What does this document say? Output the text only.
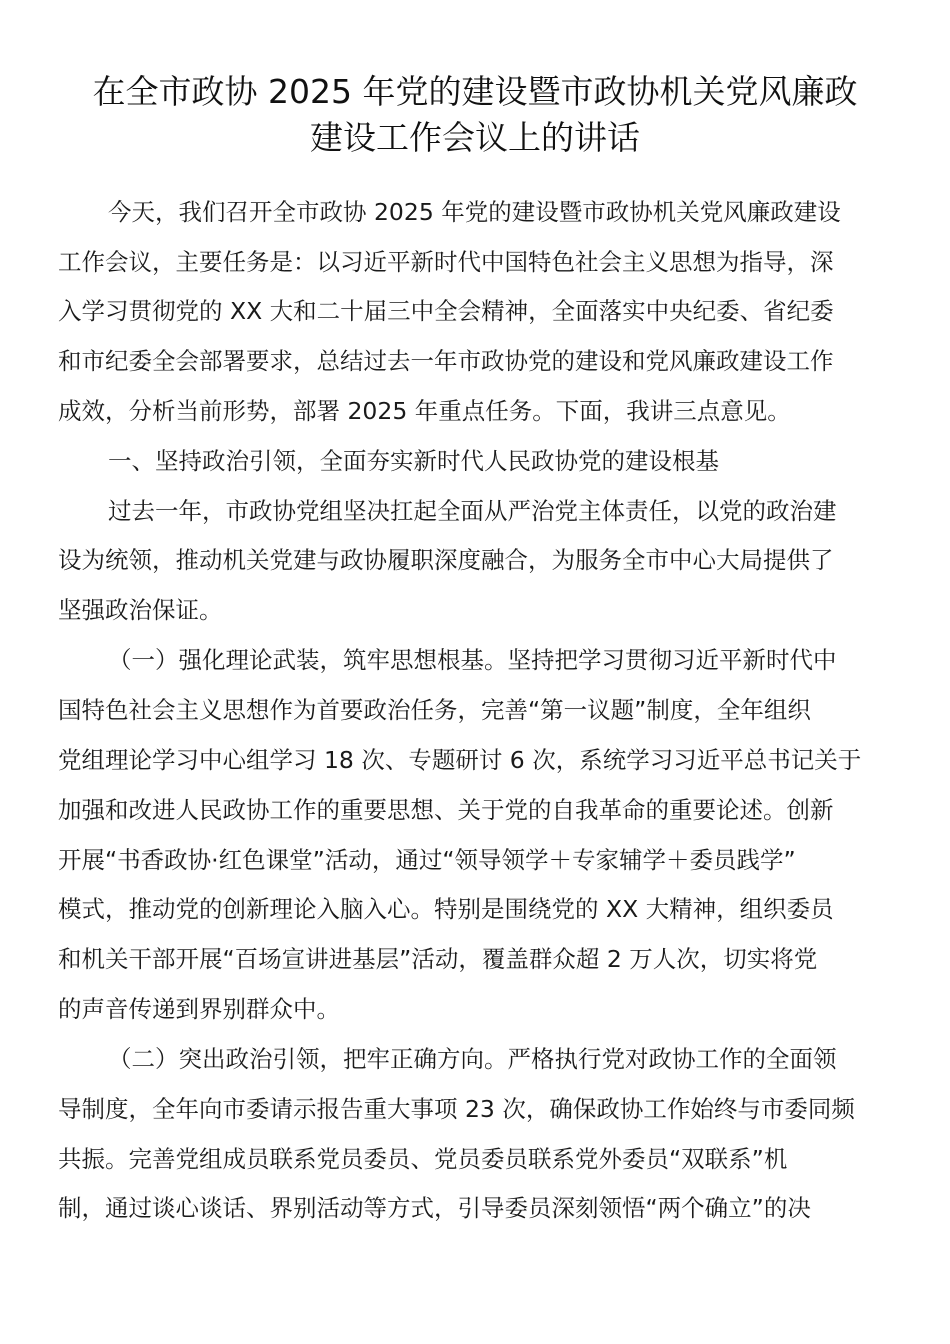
在全市政协 2025 年党的建设暨市政协机关党风廉政
建设工作会议上的讲话
今天，我们召开全市政协 2025 年党的建设暨市政协机关党风廉政建设
工作会议，主要任务是：以习近平新时代中国特色社会主义思想为指导，深
入学习贯彻党的 XX 大和二十届三中全会精神，全面落实中央纪委、省纪委
和市纪委全会部署要求，总结过去一年市政协党的建设和党风廉政建设工作
成效，分析当前形势，部署 2025 年重点任务。下面，我讲三点意见。
一、坚持政治引领，全面夯实新时代人民政协党的建设根基
过去一年，市政协党组坚决扛起全面从严治党主体责任，以党的政治建
设为统领，推动机关党建与政协履职深度融合，为服务全市中心大局提供了
坚强政治保证。
（一）强化理论武装，筑牢思想根基。坚持把学习贯彻习近平新时代中
国特色社会主义思想作为首要政治任务，完善“第一议题”制度，全年组织
党组理论学习中心组学习 18 次、专题研讨 6 次，系统学习习近平总书记关于
加强和改进人民政协工作的重要思想、关于党的自我革命的重要论述。创新
开展“书香政协·红色课堂”活动，通过“领导领学＋专家辅学＋委员践学”
模式，推动党的创新理论入脑入心。特别是围绕党的 XX 大精神，组织委员
和机关干部开展“百场宣讲进基层”活动，覆盖群众超 2 万人次，切实将党
的声音传递到界别群众中。
（二）突出政治引领，把牢正确方向。严格执行党对政协工作的全面领
导制度，全年向市委请示报告重大事项 23 次，确保政协工作始终与市委同频
共振。完善党组成员联系党员委员、党员委员联系党外委员“双联系”机
制，通过谈心谈话、界别活动等方式，引导委员深刻领悟“两个确立”的决
